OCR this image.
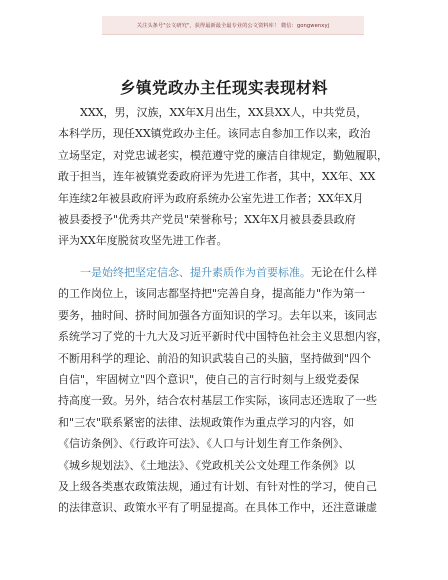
关注头条号"公文研究"，获得最新最全最专业的公文资料库！ 微信：gongwenxyj
乡镇党政办主任现实表现材料
XXX，男，汉族，XX年X月出生，XX县XX人，中共党员，
本科学历，现任XX镇党政办主任。该同志自参加工作以来，政治
立场坚定，对党忠诚老实，模范遵守党的廉洁自律规定，勤勉履职，
敢于担当，连年被镇党委政府评为先进工作者，其中，XX年、XX
年连续2年被县政府评为政府系统办公室先进工作者；XX年X月
被县委授予"优秀共产党员"荣誉称号；XX年X月被县委县政府
评为XX年度脱贫攻坚先进工作者。
一是始终把坚定信念、提升素质作为首要标准。无论在什么样
的工作岗位上，该同志都坚持把"完善自身，提高能力"作为第一
要务，抽时间、挤时间加强各方面知识的学习。去年以来，该同志
系统学习了党的十九大及习近平新时代中国特色社会主义思想内容，
不断用科学的理论、前沿的知识武装自己的头脑，坚持做到"四个
自信"，牢固树立"四个意识"，使自己的言行时刻与上级党委保
持高度一致。另外，结合农村基层工作实际，该同志还选取了一些
和"三农"联系紧密的法律、法规政策作为重点学习的内容，如
《信访条例》、《行政许可法》、《人口与计划生育工作条例》、
《城乡规划法》、《土地法》、《党政机关公文处理工作条例》以
及上级各类惠农政策法规，通过有计划、有针对性的学习，使自己
的法律意识、政策水平有了明显提高。在具体工作中，还注意谦虚
